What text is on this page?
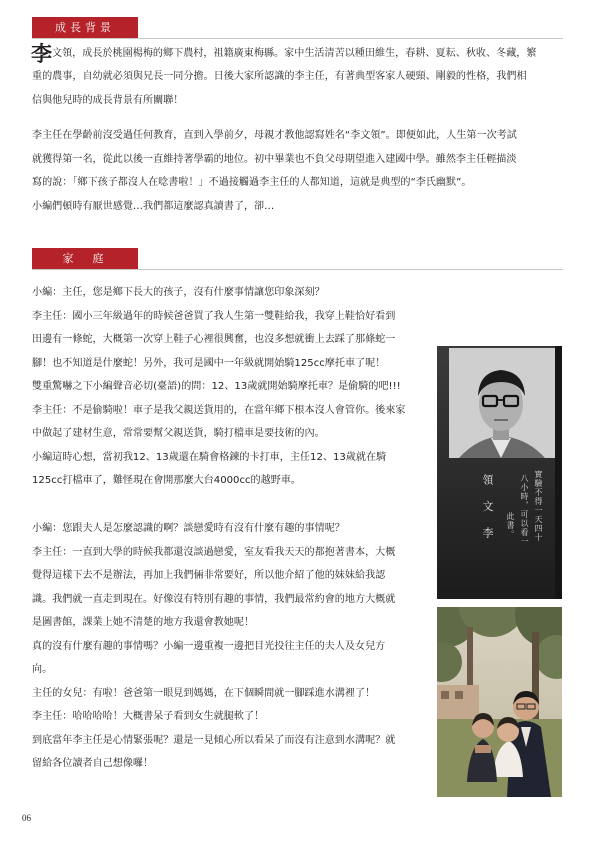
成長背景
李 文領，成長於桃園楊梅的鄉下農村，祖籍廣東梅縣。家中生活清苦以種田維生，春耕、夏耘、秋收、冬藏，繁
重的農事，自幼就必須與兄長一同分擔。日後大家所認識的李主任，有著典型客家人硬頸、剛毅的性格，我們相
信與他兒時的成長背景有所關聯！
李主任在學齡前沒受過任何教育，直到入學前夕，母親才教他認寫姓名“李文領”。即便如此，人生第一次考試
就獲得第一名，從此以後一直維持著學霸的地位。初中畢業也不負父母期望進入建國中學。雖然李主任輕描淡
寫的說：「鄉下孩子都沒人在唸書啦！」不過接觸過李主任的人都知道，這就是典型的“李氏幽默”。
小編們頓時有厭世感覺…我們都這麼認真讀書了，卻…
家　庭
小編：主任，您是鄉下長大的孩子，沒有什麼事情讓您印象深刻？
李主任：國小三年級過年的時候爸爸買了我人生第一雙鞋給我，我穿上鞋恰好看到
田邊有一條蛇，大概第一次穿上鞋子心裡很興奮，也沒多想就衝上去踩了那條蛇一
腳！也不知道是什麼蛇！另外，我可是國中一年級就開始騎125cc摩托車了呢！
雙重驚嚇之下小編聲音必切(臺語)的問：12、13歲就開始騎摩托車？是偷騎的吧!!!
李主任：不是偷騎啦！車子是我父親送貨用的，在當年鄉下根本沒人會管你。後來家
中做起了建材生意，常常要幫父親送貨，騎打檔車是要技術的內。
小編這時心想，當初我12、13歲還在騎會格鍊的卡打車，主任12、13歲就在騎
125cc打檔車了，難怪現在會開那麼大台4000cc的越野車。
小編：您跟夫人是怎麼認識的啊？談戀愛時有沒有什麼有趣的事情呢？
李主任：一直到大學的時候我都還沒談過戀愛，室友看我天天的都抱著書本，大概
覺得這樣下去不是辦法，再加上我們倆非常要好，所以他介紹了他的妹妹給我認
識。我們就一直走到現在。好像沒有特別有趣的事情，我們最常約會的地方大概就
是圖書館，課業上她不清楚的地方我還會教她呢！
真的沒有什麼有趣的事情嗎？小編一邊重複一邊把目光投往主任的夫人及女兒方
向。
主任的女兒：有啦！爸爸第一眼見到媽媽，在下個瞬間就一腳踩進水溝裡了！
李主任：哈哈哈哈！大概書呆子看到女生就腿軟了！
到底當年李主任是心情緊張呢？還是一見傾心所以看呆了而沒有注意到水溝呢？就
留給各位讀者自己想像囉！
領 文 李	實驗不得一天四十
八小時，可以看一
此書。
06
